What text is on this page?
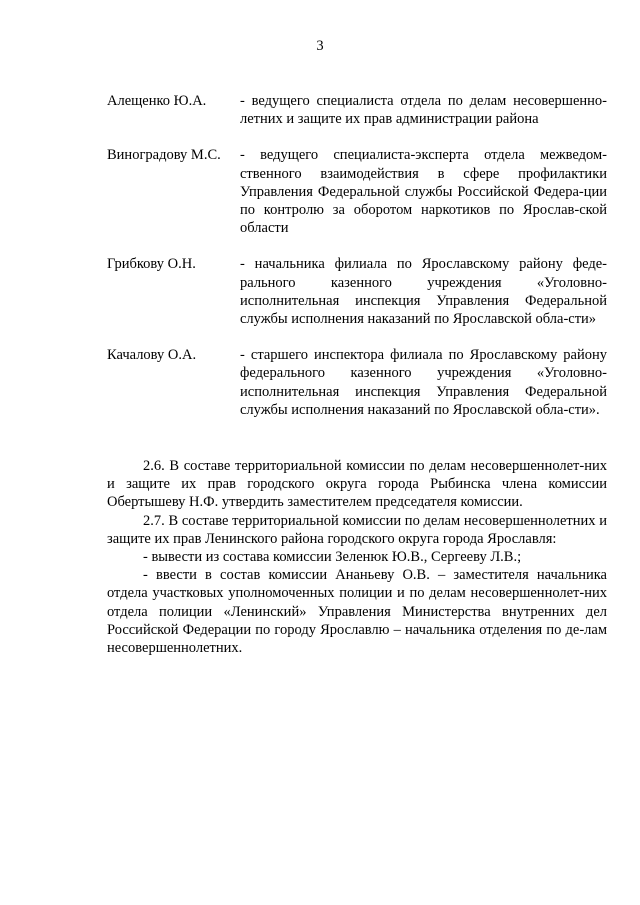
3
Алещенко Ю.А.	- ведущего специалиста отдела по делам несовершенно-летних и защите их прав администрации района
Виноградову М.С.	- ведущего специалиста-эксперта отдела межведом-ственного взаимодействия в сфере профилактики Управления Федеральной службы Российской Федера-ции по контролю за оборотом наркотиков по Ярослав-ской области
Грибкову О.Н.	- начальника филиала по Ярославскому району феде-рального казенного учреждения «Уголовно-исполнительная инспекция Управления Федеральной службы исполнения наказаний по Ярославской обла-сти»
Качалову О.А.	- старшего инспектора филиала по Ярославскому району федерального казенного учреждения «Уголовно-исполнительная инспекция Управления Федеральной службы исполнения наказаний по Ярославской обла-сти».

2.6. В составе территориальной комиссии по делам несовершеннолет-них и защите их прав городского округа города Рыбинска члена комиссии Обертышеву Н.Ф. утвердить заместителем председателя комиссии.

2.7. В составе территориальной комиссии по делам несовершеннолетних и защите их прав Ленинского района городского округа города Ярославля:

- вывести из состава комиссии Зеленюк Ю.В., Сергееву Л.В.;

- ввести в состав комиссии Ананьеву О.В. – заместителя начальника отдела участковых уполномоченных полиции и по делам несовершеннолет-них отдела полиции «Ленинский» Управления Министерства внутренних дел Российской Федерации по городу Ярославлю – начальника отделения по де-лам несовершеннолетних.
